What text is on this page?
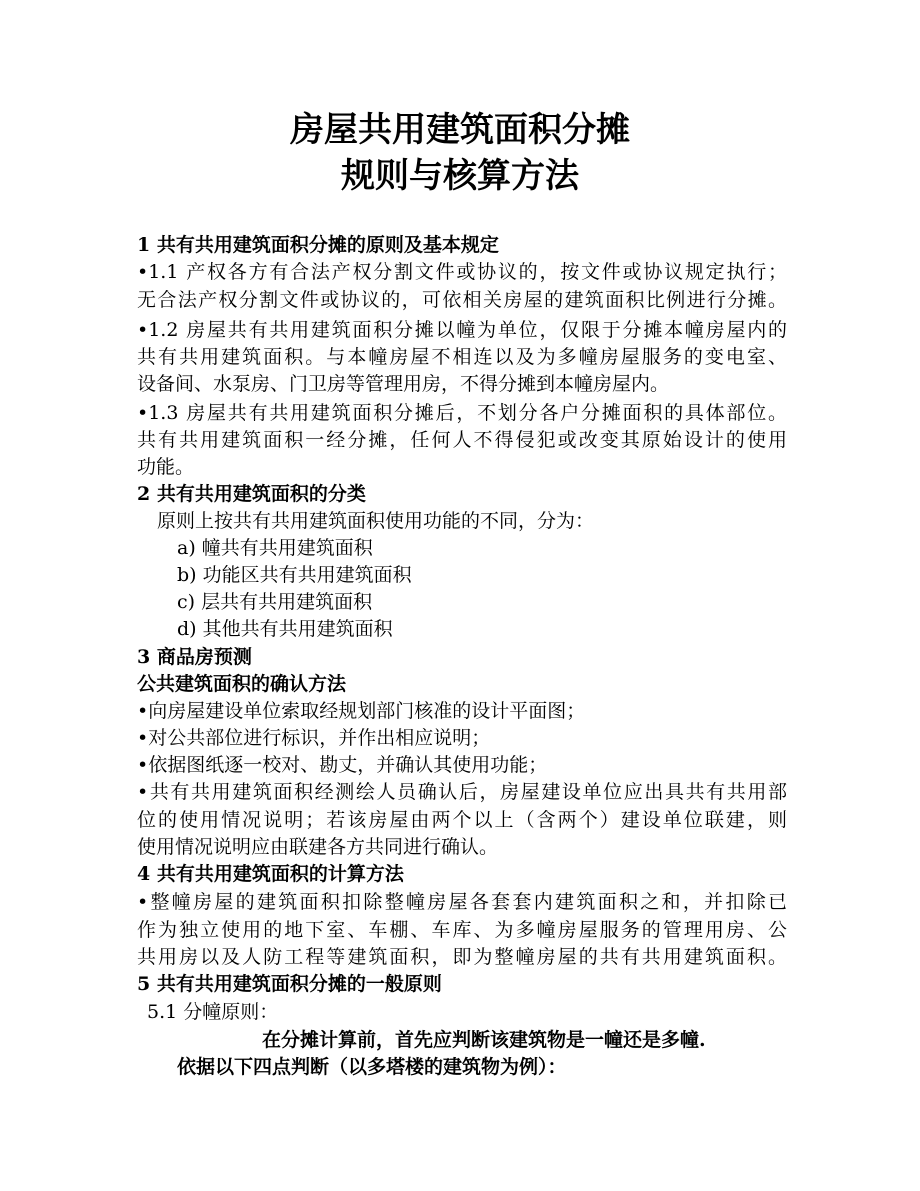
房屋共用建筑面积分摊
规则与核算方法
1 共有共用建筑面积分摊的原则及基本规定
•1.1 产权各方有合法产权分割文件或协议的，按文件或协议规定执行；
无合法产权分割文件或协议的，可依相关房屋的建筑面积比例进行分摊。
•1.2 房屋共有共用建筑面积分摊以幢为单位，仅限于分摊本幢房屋内的
共有共用建筑面积。与本幢房屋不相连以及为多幢房屋服务的变电室、
设备间、水泵房、门卫房等管理用房，不得分摊到本幢房屋内。
•1.3 房屋共有共用建筑面积分摊后，不划分各户分摊面积的具体部位。
共有共用建筑面积一经分摊，任何人不得侵犯或改变其原始设计的使用
功能。
2 共有共用建筑面积的分类
原则上按共有共用建筑面积使用功能的不同，分为：
a) 幢共有共用建筑面积
b) 功能区共有共用建筑面积
c) 层共有共用建筑面积
d) 其他共有共用建筑面积
3 商品房预测
公共建筑面积的确认方法
•向房屋建设单位索取经规划部门核准的设计平面图；
•对公共部位进行标识，并作出相应说明；
•依据图纸逐一校对、勘丈，并确认其使用功能；
•共有共用建筑面积经测绘人员确认后，房屋建设单位应出具共有共用部
位的使用情况说明；若该房屋由两个以上（含两个）建设单位联建，则
使用情况说明应由联建各方共同进行确认。
4 共有共用建筑面积的计算方法
•整幢房屋的建筑面积扣除整幢房屋各套套内建筑面积之和，并扣除已
作为独立使用的地下室、车棚、车库、为多幢房屋服务的管理用房、公
共用房以及人防工程等建筑面积，即为整幢房屋的共有共用建筑面积。
5 共有共用建筑面积分摊的一般原则
5.1 分幢原则：
在分摊计算前，首先应判断该建筑物是一幢还是多幢.
依据以下四点判断（以多塔楼的建筑物为例）：
